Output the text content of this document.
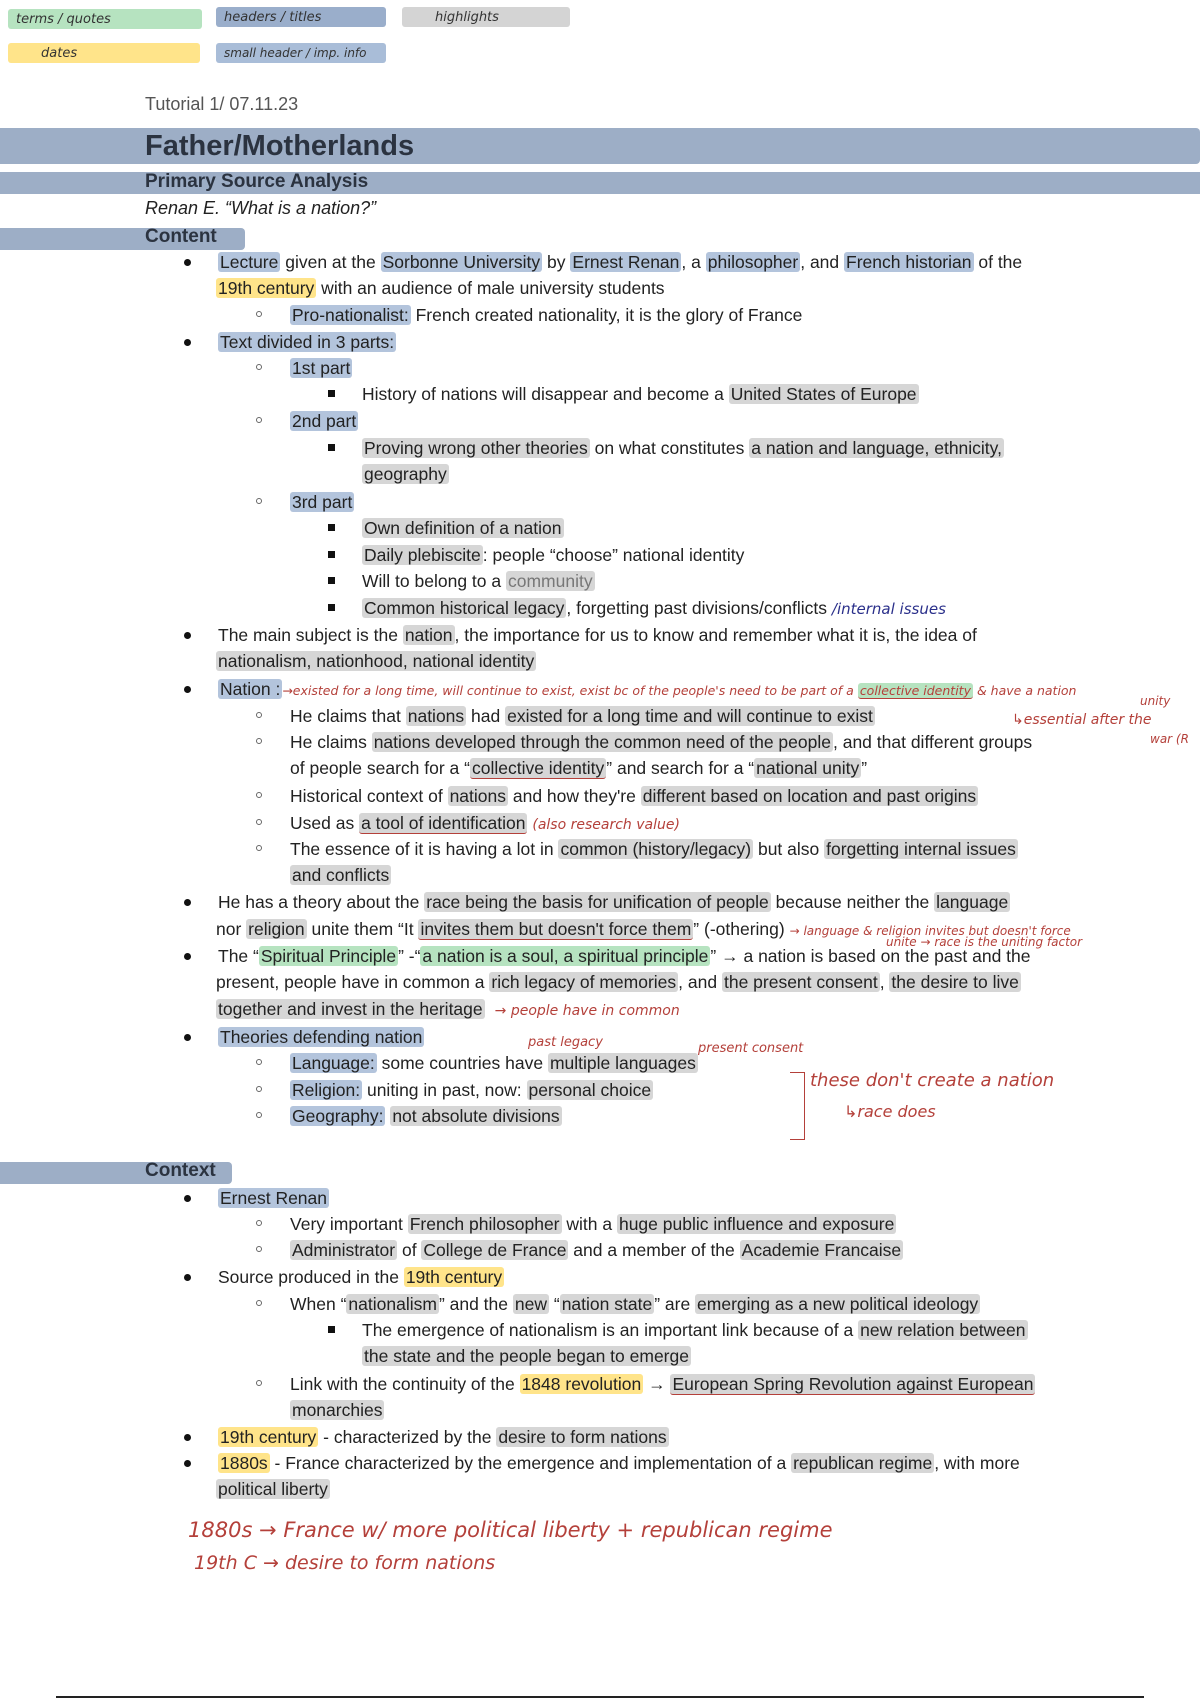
terms / quotes	headers / titles	highlights
dates	small header / imp. info
Tutorial 1/ 07.11.23
Father/Motherlands
Primary Source Analysis
Renan E. “What is a nation?”
Content
Lecture given at the Sorbonne University by Ernest Renan , a philosopher , and French historian of the
19th century with an audience of male university students
Pro-nationalist: French created nationality, it is the glory of France
Text divided in 3 parts:
1st part
History of nations will disappear and become a United States of Europe
2nd part
Proving wrong other theories on what constitutes a nation and language, ethnicity,
geography
3rd part
Own definition of a nation
Daily plebiscite : people “choose” national identity
Will to belong to a community
Common historical legacy , forgetting past divisions/conflicts /internal issues
The main subject is the nation , the importance for us to know and remember what it is, the idea of
nationalism, nationhood, national identity
Nation : →existed for a long time, will continue to exist, exist bc of the people's need to be part of a collective identity & have a nation
unity
He claims that nations had existed for a long time and will continue to exist	↳essential after the
war (R
He claims nations developed through the common need of the people , and that different groups
of people search for a “ collective identity ” and search for a “ national unity ”
Historical context of nations and how they're different based on location and past origins
Used as a tool of identification (also research value)
The essence of it is having a lot in common (history/legacy) but also forgetting internal issues
and conflicts
He has a theory about the race being the basis for unification of people because neither the language
nor religion unite them “It invites them but doesn't force them ” (-othering) → language & religion invites but doesn't force
unite → race is the uniting factor
The “ Spiritual Principle ” -“ a nation is a soul, a spiritual principle ” → a nation is based on the past and the
present, people have in common a rich legacy of memories , and the present consent , the desire to live
together and invest in the heritage → people have in common
past legacy	present consent
Theories defending nation
Language: some countries have multiple languages
Religion: uniting in past, now: personal choice
Geography: not absolute divisions
these don't create a nation
↳race does
Context
Ernest Renan
Very important French philosopher with a huge public influence and exposure
Administrator of College de France and a member of the Academie Francaise
Source produced in the 19th century
When “ nationalism ” and the new “ nation state ” are emerging as a new political ideology
The emergence of nationalism is an important link because of a new relation between
the state and the people began to emerge
Link with the continuity of the 1848 revolution → European Spring Revolution against European
monarchies
19th century - characterized by the desire to form nations
1880s - France characterized by the emergence and implementation of a republican regime , with more
political liberty
1880s → France w/ more political liberty + republican regime
19th C → desire to form nations
